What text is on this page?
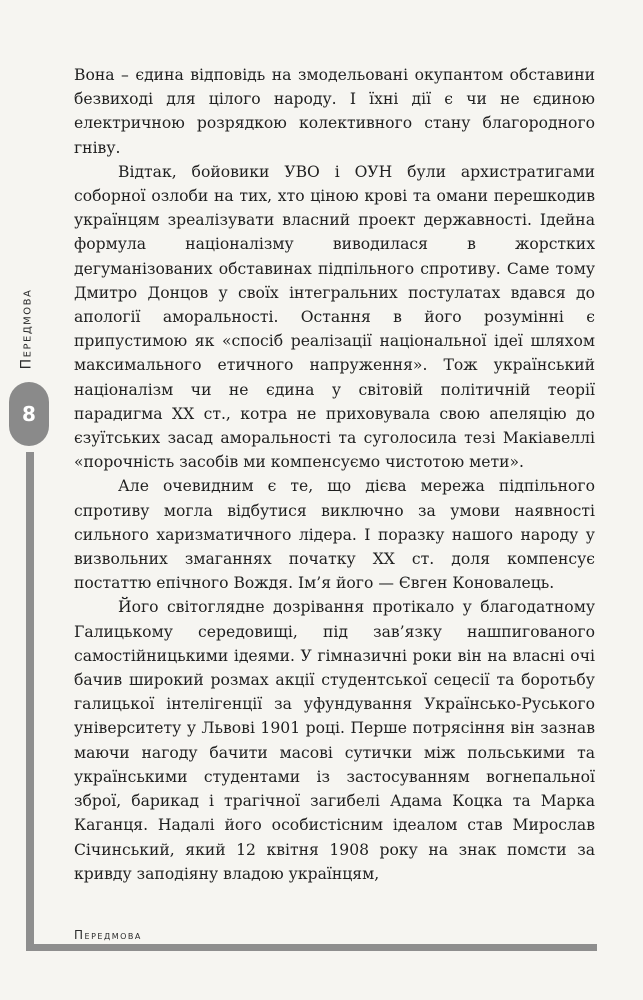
Передмова
8

Вона – єдина відповідь на змодельовані окупантом обставини безвиході для цілого народу. І їхні дії є чи не єдиною електричною розрядкою колективного стану благородного гніву.

Відтак, бойовики УВО і ОУН були архистратигами соборної озлоби на тих, хто ціною крові та омани перешкодив українцям зреалізувати власний проект державності. Ідейна формула націоналізму виводилася в жорстких дегуманізованих обставинах підпільного спротиву. Саме тому Дмитро Донцов у своїх інтегральних постулатах вдався до апології аморальності. Остання в його розумінні є припустимою як «спосіб реалізації національної ідеї шляхом максимального етичного напруження». Тож український націоналізм чи не єдина у світовій політичній теорії парадигма ХХ ст., котра не приховувала свою апеляцію до єзуїтських засад аморальності та суголосила тезі Макіавеллі «порочність засобів ми компенсуємо чистотою мети».

Але очевидним є те, що дієва мережа підпільного спротиву могла відбутися виключно за умови наявності сильного харизматичного лідера. І поразку нашого народу у визвольних змаганнях початку ХХ ст. доля компенсує постаттю епічного Вождя. Ім’я його — Євген Коновалець.

Його світоглядне дозрівання протікало у благодатному Галицькому середовищі, під зав’язку нашпигованого самостійницькими ідеями. У гімназичні роки він на власні очі бачив широкий розмах акції студентської сецесії та боротьбу галицької інтелігенції за уфундування Українсько-Руського університету у Львові 1901 році. Перше потрясіння він зазнав маючи нагоду бачити масові сутички між польськими та українськими студентами із застосуванням вогнепальної зброї, барикад і трагічної загибелі Адама Коцка та Марка Каганця. Надалі його особистісним ідеалом став Мирослав Січинський, який 12 квітня 1908 року на знак помсти за кривду заподіяну владою українцям,

Передмова
